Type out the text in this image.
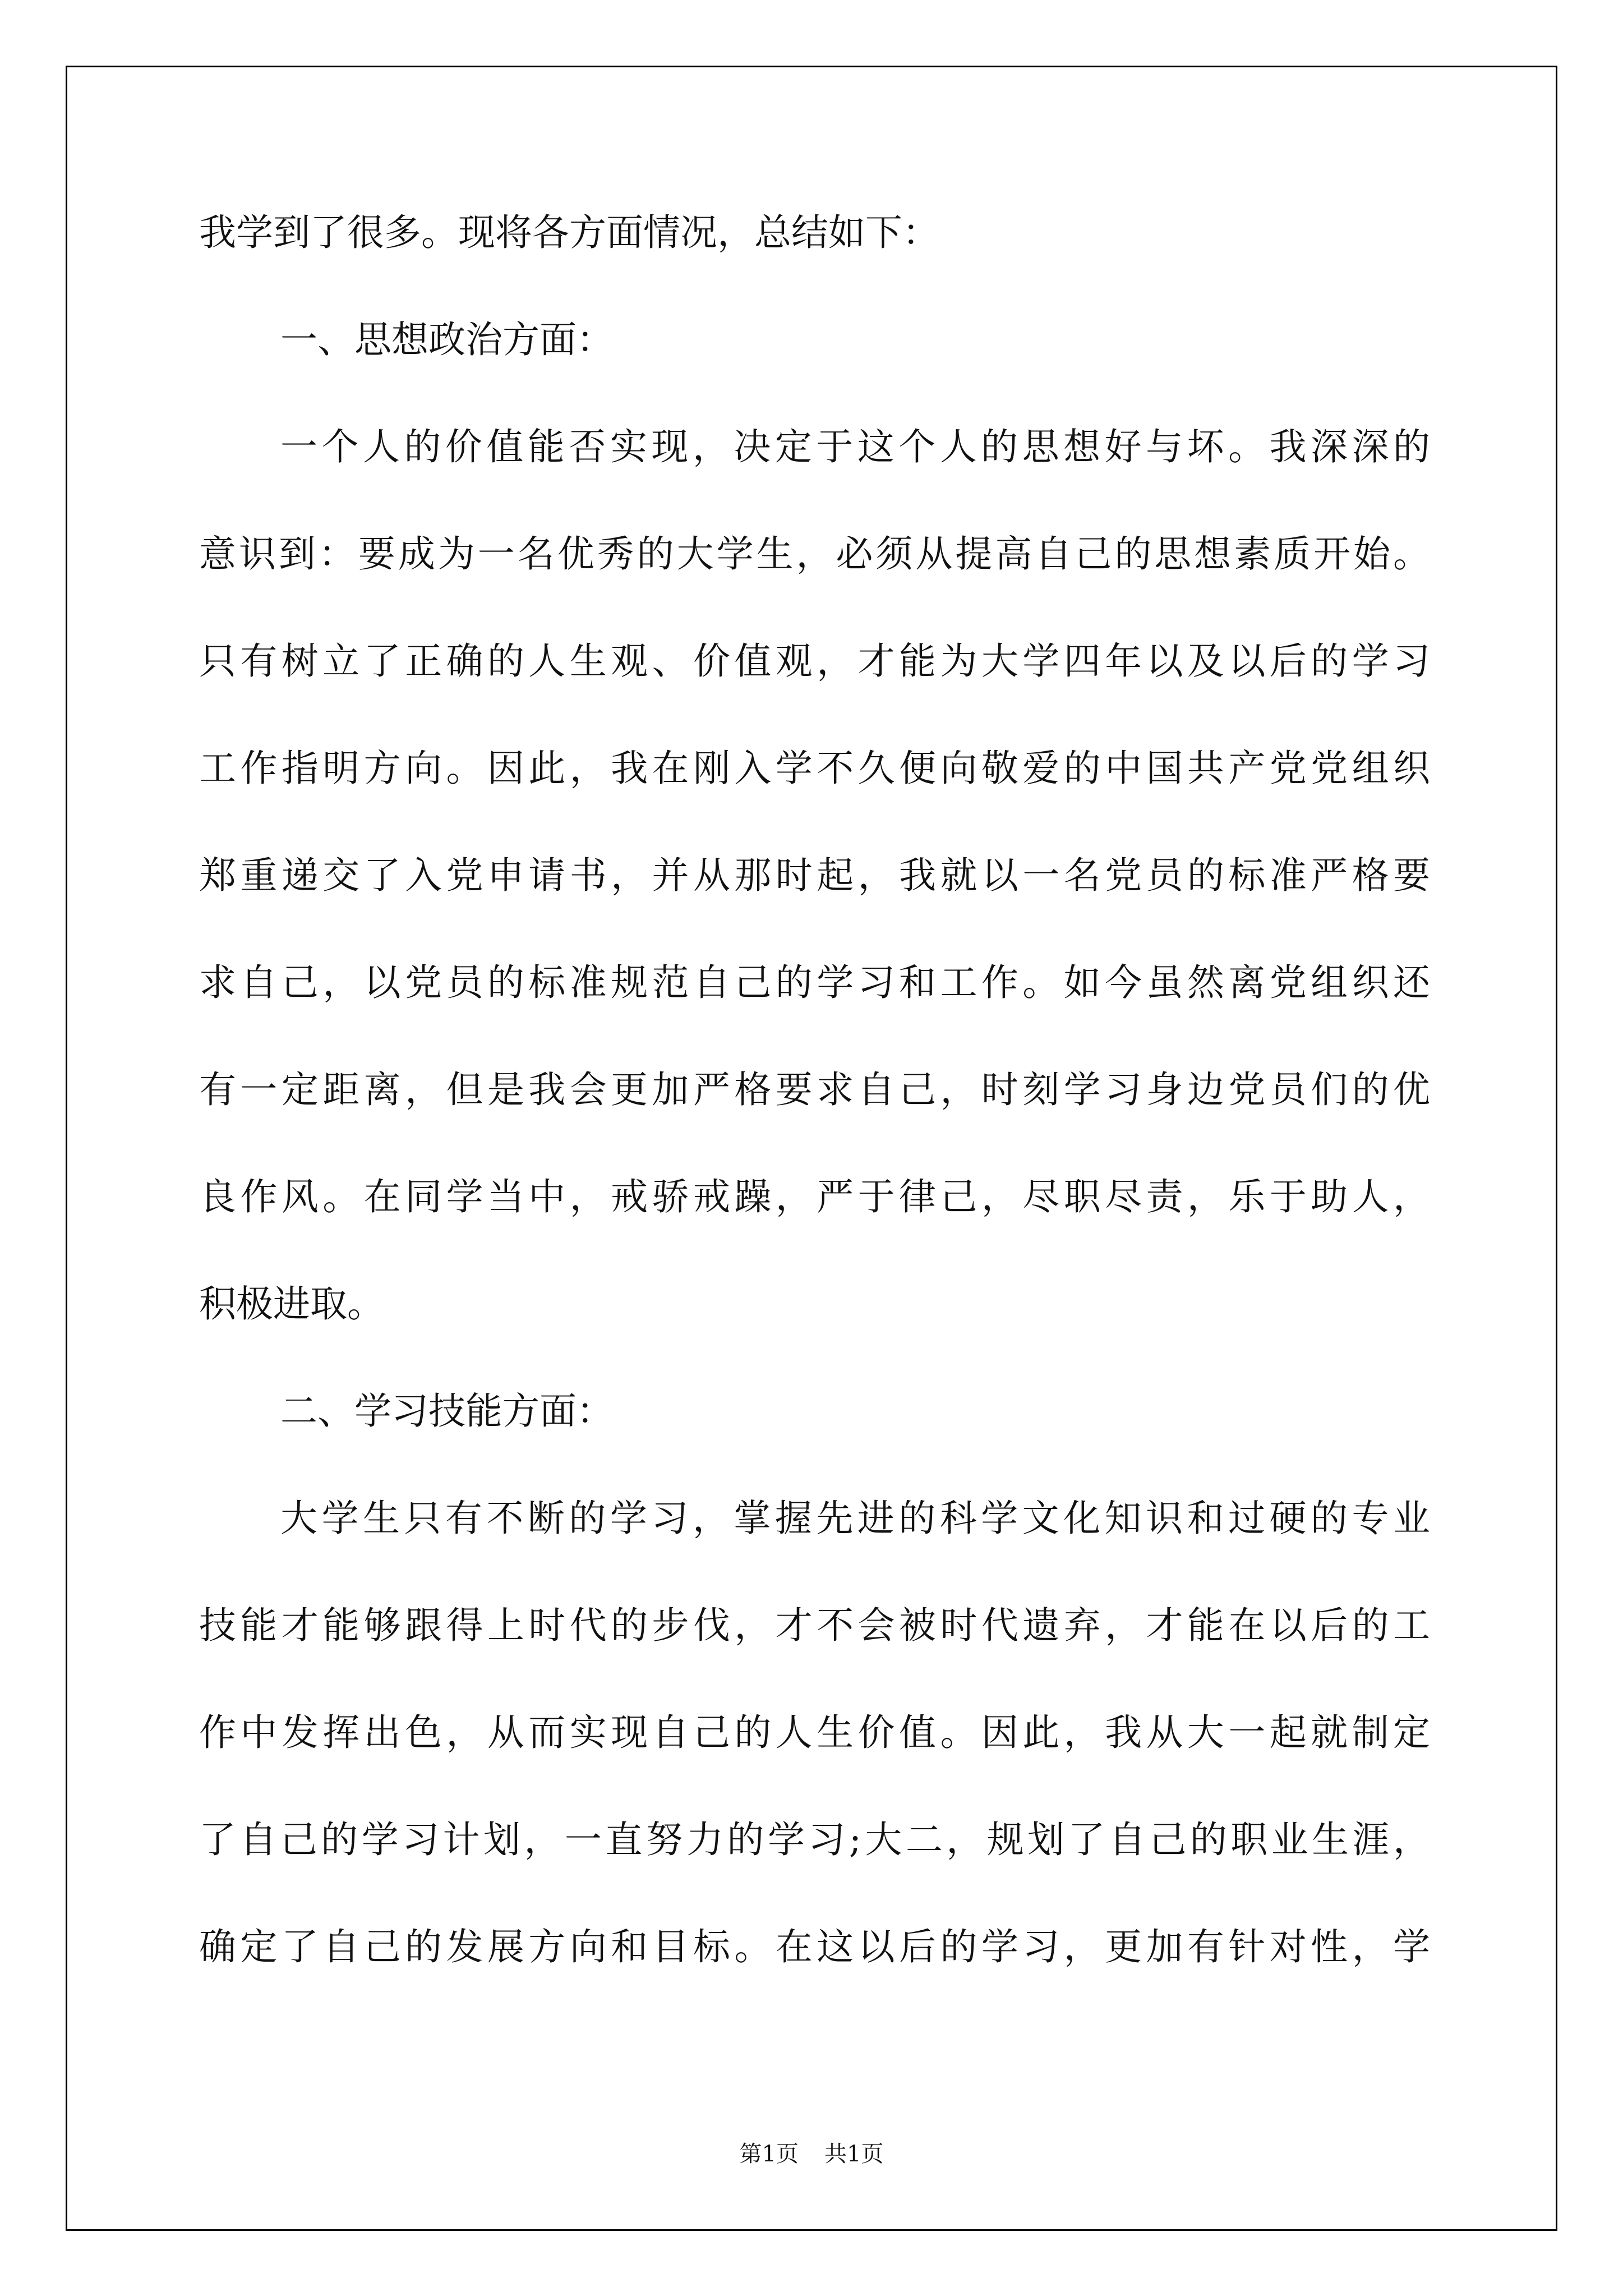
我学到了很多。现将各方面情况，总结如下：
一、思想政治方面：
一个人的价值能否实现，决定于这个人的思想好与坏。我深深的
意识到：要成为一名优秀的大学生，必须从提高自己的思想素质开始。
只有树立了正确的人生观、价值观，才能为大学四年以及以后的学习
工作指明方向。因此，我在刚入学不久便向敬爱的中国共产党党组织
郑重递交了入党申请书，并从那时起，我就以一名党员的标准严格要
求自己，以党员的标准规范自己的学习和工作。如今虽然离党组织还
有一定距离，但是我会更加严格要求自己，时刻学习身边党员们的优
良作风。在同学当中，戒骄戒躁，严于律己，尽职尽责，乐于助人，
积极进取。
二、学习技能方面：
大学生只有不断的学习，掌握先进的科学文化知识和过硬的专业
技能才能够跟得上时代的步伐，才不会被时代遗弃，才能在以后的工
作中发挥出色，从而实现自己的人生价值。因此，我从大一起就制定
了自己的学习计划，一直努力的学习;大二，规划了自己的职业生涯，
确定了自己的发展方向和目标。在这以后的学习，更加有针对性，学
第1页 共1页
